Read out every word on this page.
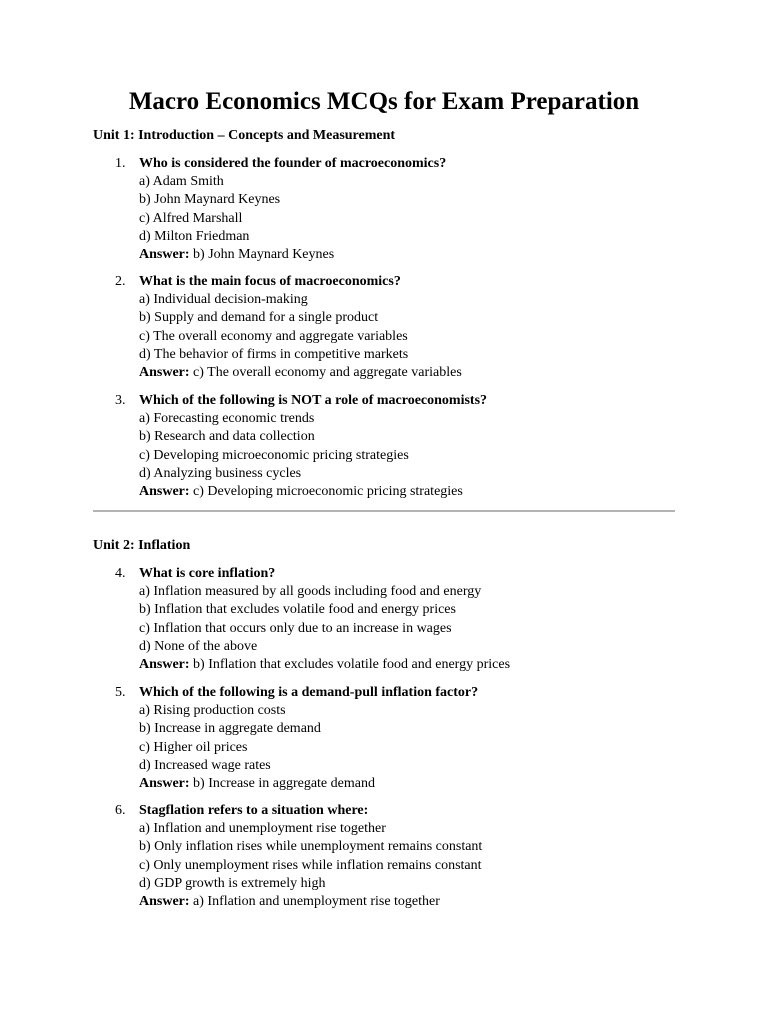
Macro Economics MCQs for Exam Preparation
Unit 1: Introduction – Concepts and Measurement
1. Who is considered the founder of macroeconomics?
a) Adam Smith
b) John Maynard Keynes
c) Alfred Marshall
d) Milton Friedman
Answer: b) John Maynard Keynes
2. What is the main focus of macroeconomics?
a) Individual decision-making
b) Supply and demand for a single product
c) The overall economy and aggregate variables
d) The behavior of firms in competitive markets
Answer: c) The overall economy and aggregate variables
3. Which of the following is NOT a role of macroeconomists?
a) Forecasting economic trends
b) Research and data collection
c) Developing microeconomic pricing strategies
d) Analyzing business cycles
Answer: c) Developing microeconomic pricing strategies
Unit 2: Inflation
4. What is core inflation?
a) Inflation measured by all goods including food and energy
b) Inflation that excludes volatile food and energy prices
c) Inflation that occurs only due to an increase in wages
d) None of the above
Answer: b) Inflation that excludes volatile food and energy prices
5. Which of the following is a demand-pull inflation factor?
a) Rising production costs
b) Increase in aggregate demand
c) Higher oil prices
d) Increased wage rates
Answer: b) Increase in aggregate demand
6. Stagflation refers to a situation where:
a) Inflation and unemployment rise together
b) Only inflation rises while unemployment remains constant
c) Only unemployment rises while inflation remains constant
d) GDP growth is extremely high
Answer: a) Inflation and unemployment rise together
